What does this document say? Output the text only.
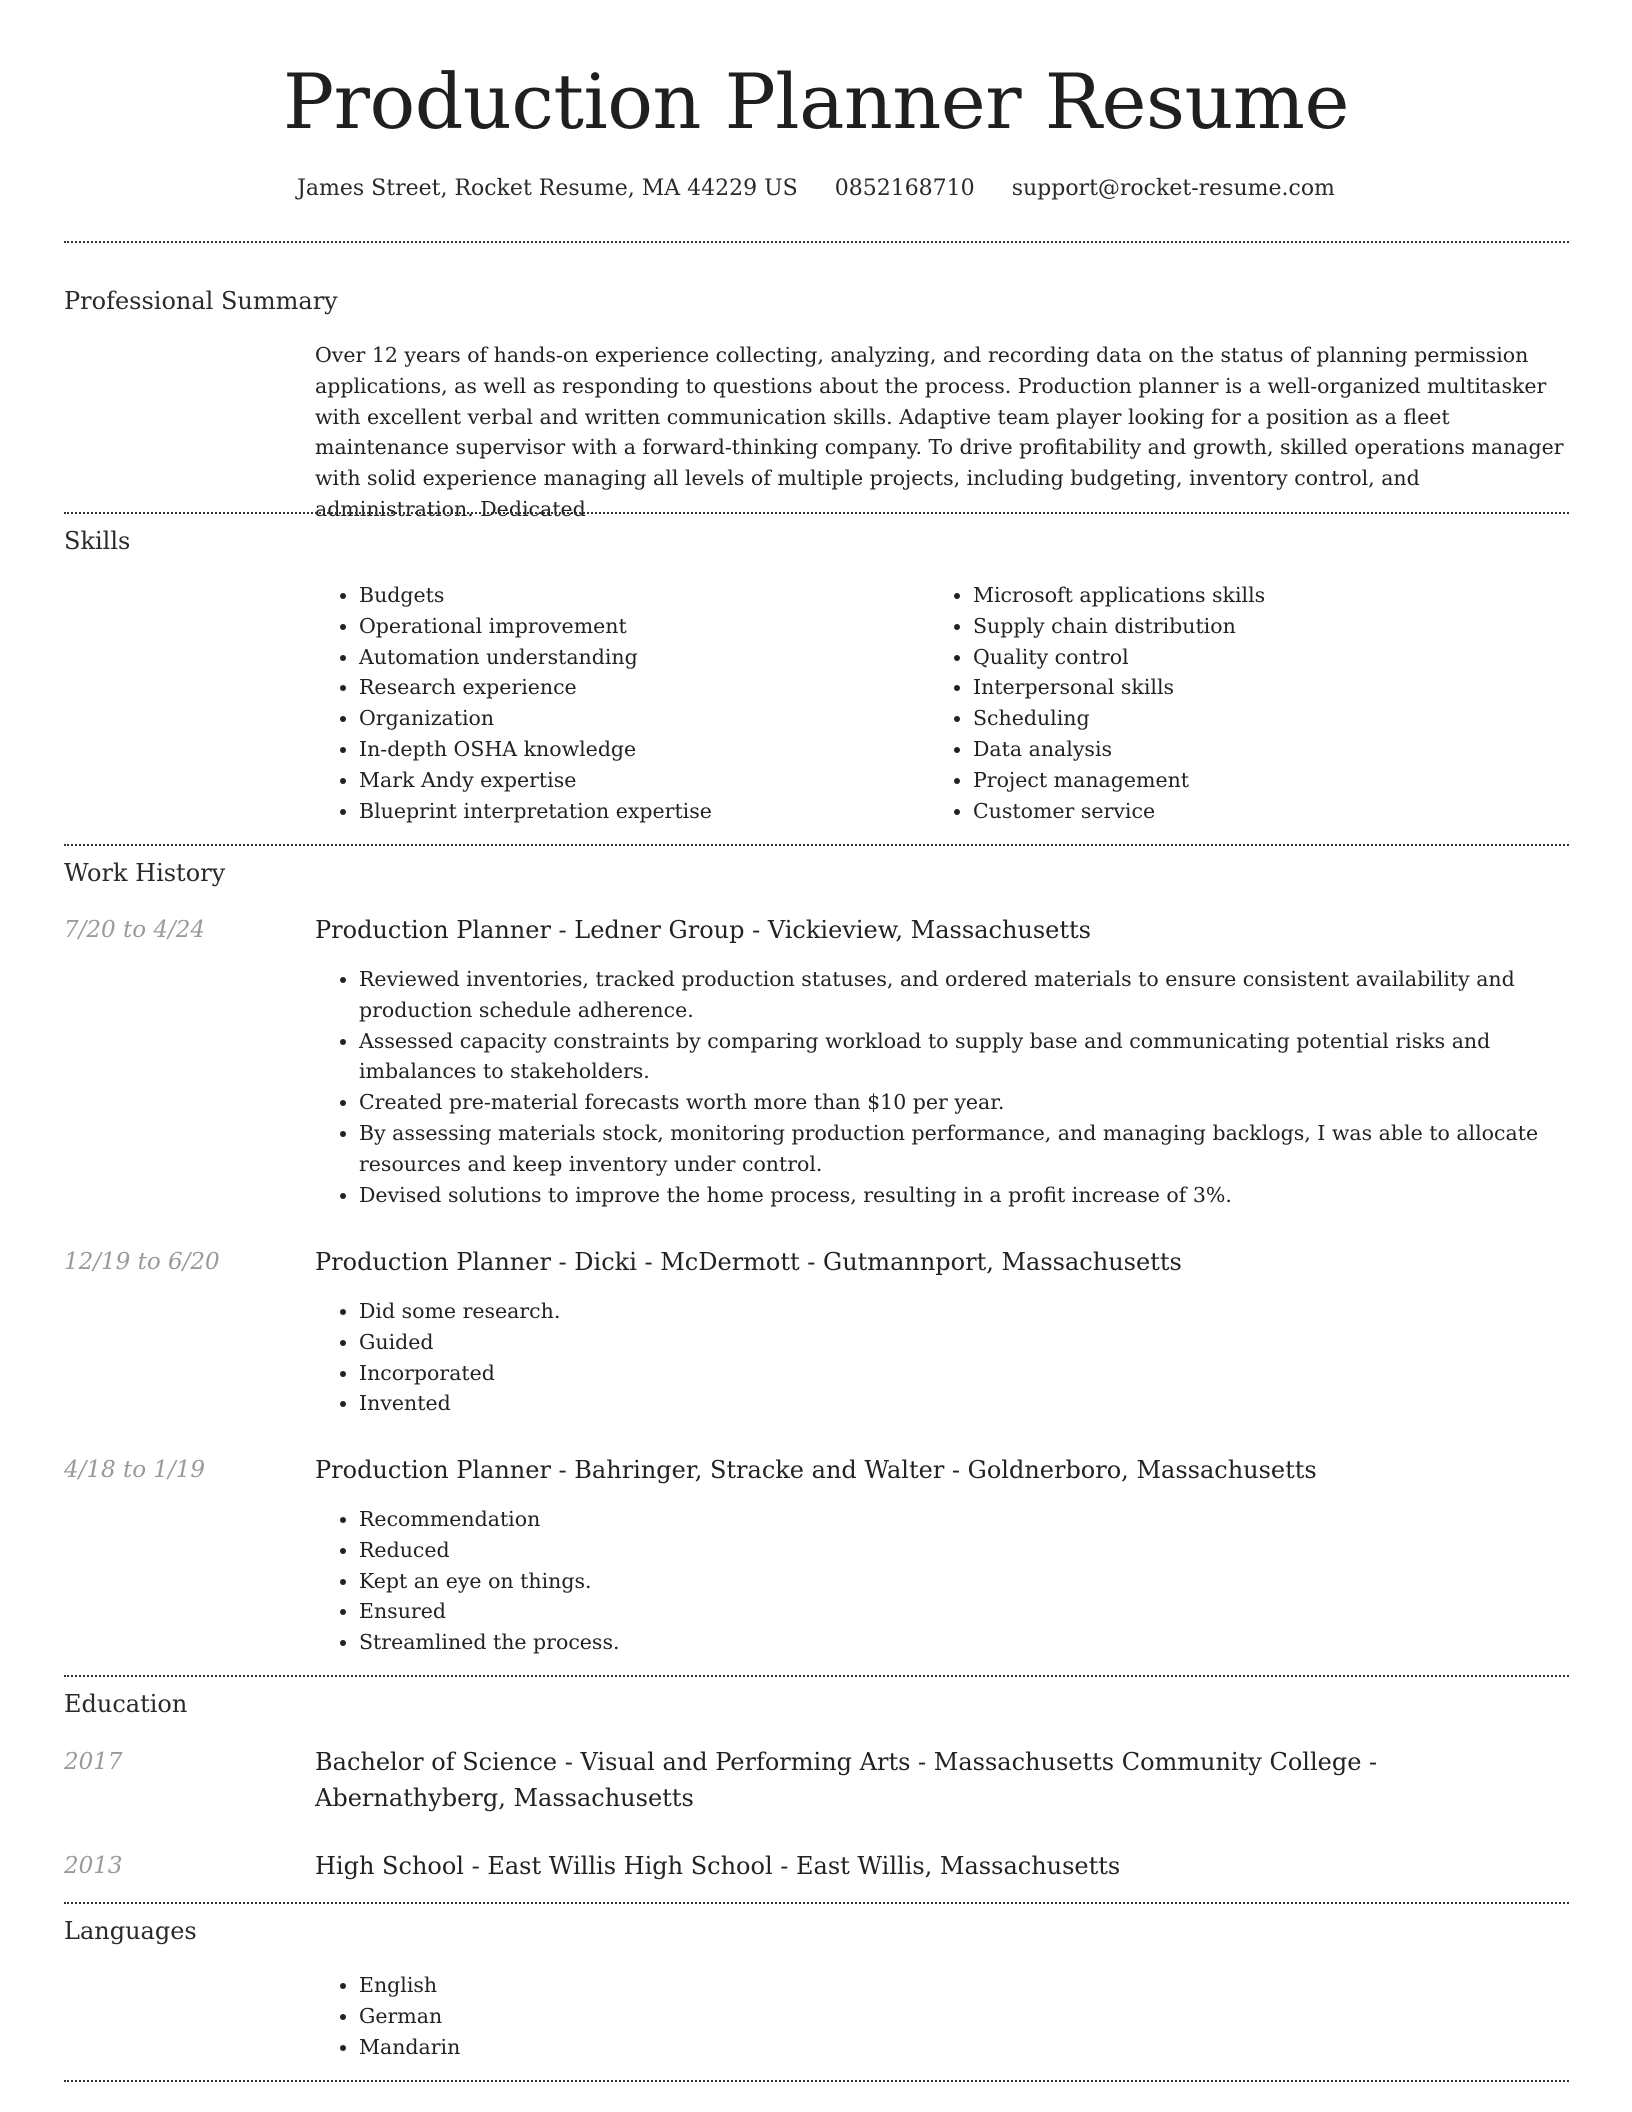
Production Planner Resume
James Street, Rocket Resume, MA 44229 US 0852168710 support@rocket-resume.com
Professional Summary

Over 12 years of hands-on experience collecting, analyzing, and recording data on the status of planning permission applications, as well as responding to questions about the process. Production planner is a well-organized multitasker with excellent verbal and written communication skills. Adaptive team player looking for a position as a fleet maintenance supervisor with a forward-thinking company. To drive profitability and growth, skilled operations manager with solid experience managing all levels of multiple projects, including budgeting, inventory control, and administration. Dedicated

Skills
• Budgets
• Operational improvement
• Automation understanding
• Research experience
• Organization
• In-depth OSHA knowledge
• Mark Andy expertise
• Blueprint interpretation expertise
• Microsoft applications skills
• Supply chain distribution
• Quality control
• Interpersonal skills
• Scheduling
• Data analysis
• Project management
• Customer service
Work History
7/20 to 4/24	Production Planner - Ledner Group - Vickieview, Massachusetts
• Reviewed inventories, tracked production statuses, and ordered materials to ensure consistent availability and production schedule adherence.
• Assessed capacity constraints by comparing workload to supply base and communicating potential risks and imbalances to stakeholders.
• Created pre-material forecasts worth more than $10 per year.
• By assessing materials stock, monitoring production performance, and managing backlogs, I was able to allocate resources and keep inventory under control.
• Devised solutions to improve the home process, resulting in a profit increase of 3%.
12/19 to 6/20	Production Planner - Dicki - McDermott - Gutmannport, Massachusetts
• Did some research.
• Guided
• Incorporated
• Invented
4/18 to 1/19	Production Planner - Bahringer, Stracke and Walter - Goldnerboro, Massachusetts
• Recommendation
• Reduced
• Kept an eye on things.
• Ensured
• Streamlined the process.
Education
2017	Bachelor of Science - Visual and Performing Arts - Massachusetts Community College - Abernathyberg, Massachusetts
2013	High School - East Willis High School - East Willis, Massachusetts
Languages
• English
• German
• Mandarin
